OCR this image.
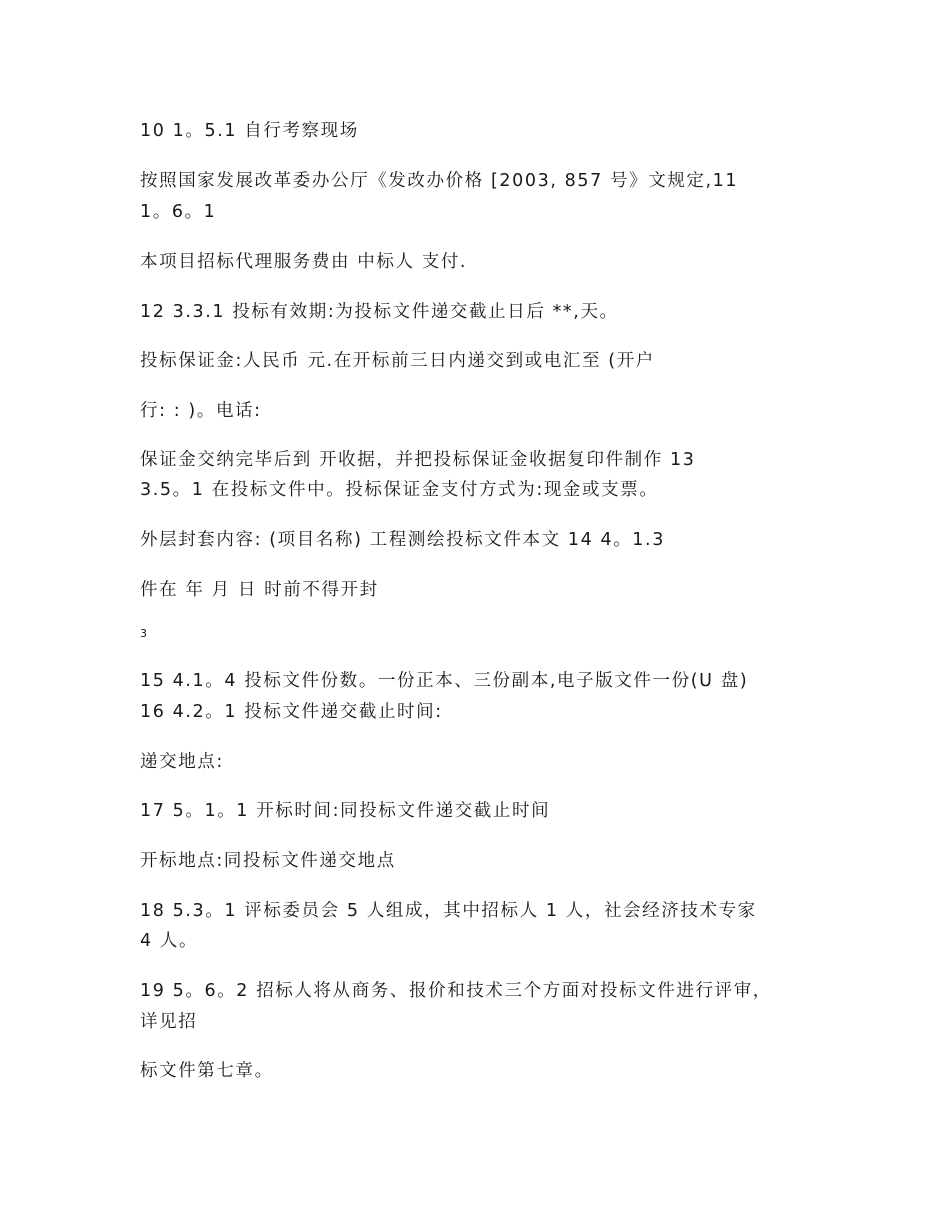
10 1。5.1 自行考察现场
按照国家发展改革委办公厅《发改办价格 [2003, 857 号》文规定,11
1。6。1
本项目招标代理服务费由 中标人 支付.
12 3.3.1 投标有效期:为投标文件递交截止日后 **,天。
投标保证金:人民币 元.在开标前三日内递交到或电汇至 (开户
行: : )。电话:
保证金交纳完毕后到 开收据，并把投标保证金收据复印件制作 13
3.5。1 在投标文件中。投标保证金支付方式为:现金或支票。
外层封套内容: (项目名称) 工程测绘投标文件本文 14 4。1.3
件在 年 月 日 时前不得开封
3
15 4.1。4 投标文件份数。一份正本、三份副本,电子版文件一份(U 盘)
16 4.2。1 投标文件递交截止时间:
递交地点:
17 5。1。1 开标时间:同投标文件递交截止时间
开标地点:同投标文件递交地点
18 5.3。1 评标委员会 5 人组成，其中招标人 1 人，社会经济技术专家
4 人。
19 5。6。2 招标人将从商务、报价和技术三个方面对投标文件进行评审，
详见招
标文件第七章。
